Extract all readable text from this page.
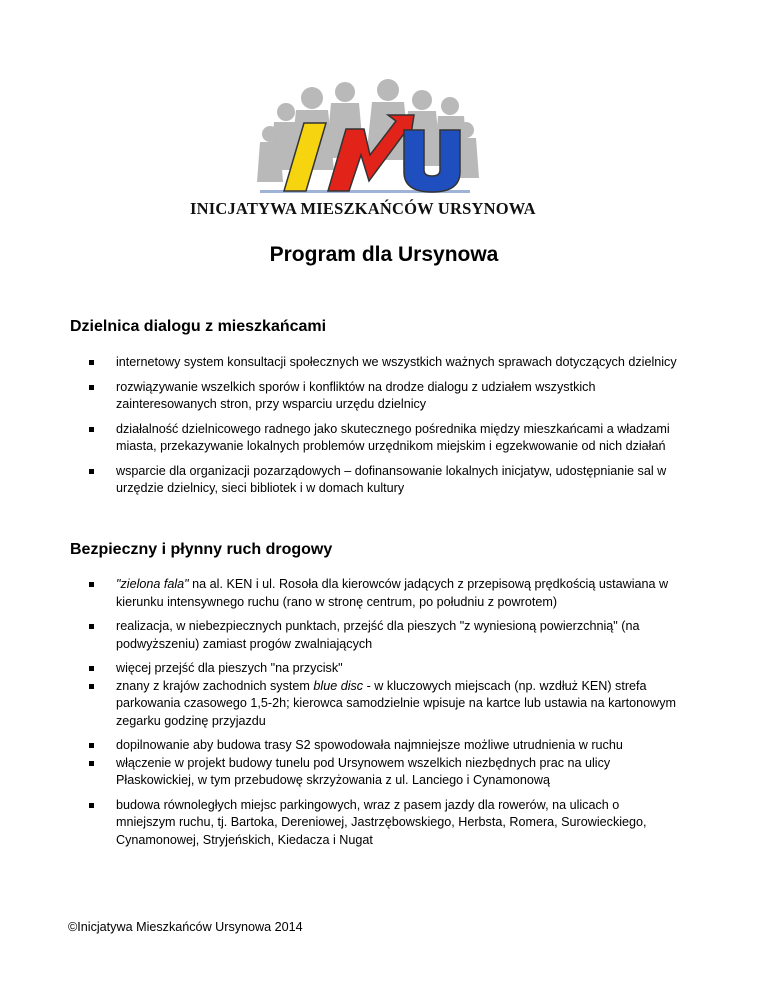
INICJATYWA MIESZKAŃCÓW URSYNOWA
Program dla Ursynowa
Dzielnica dialogu z mieszkańcami
internetowy system konsultacji społecznych we wszystkich ważnych sprawach dotyczących dzielnicy
rozwiązywanie wszelkich sporów i konfliktów na drodze dialogu z udziałem wszystkich zainteresowanych stron, przy wsparciu urzędu dzielnicy
działalność dzielnicowego radnego jako skutecznego pośrednika między mieszkańcami a władzami miasta, przekazywanie lokalnych problemów urzędnikom miejskim i egzekwowanie od nich działań
wsparcie dla organizacji pozarządowych – dofinansowanie lokalnych inicjatyw, udostępnianie sal w urzędzie dzielnicy, sieci bibliotek i w domach kultury
Bezpieczny i płynny ruch drogowy
"zielona fala" na al. KEN i ul. Rosoła dla kierowców jadących z przepisową prędkością ustawiana w kierunku intensywnego ruchu (rano w stronę centrum, po południu z powrotem)
realizacja, w niebezpiecznych punktach, przejść dla pieszych "z wyniesioną powierzchnią" (na podwyższeniu) zamiast progów zwalniających
więcej przejść dla pieszych "na przycisk"
znany z krajów zachodnich system blue disc - w kluczowych miejscach (np. wzdłuż KEN) strefa parkowania czasowego 1,5-2h; kierowca samodzielnie wpisuje na kartce lub ustawia na kartonowym zegarku godzinę przyjazdu
dopilnowanie aby budowa trasy S2 spowodowała najmniejsze możliwe utrudnienia w ruchu
włączenie w projekt budowy tunelu pod Ursynowem wszelkich niezbędnych prac na ulicy Płaskowickiej, w tym przebudowę skrzyżowania z ul. Lanciego i Cynamonową
budowa równoległych miejsc parkingowych, wraz z pasem jazdy dla rowerów, na ulicach o mniejszym ruchu, tj. Bartoka, Dereniowej, Jastrzębowskiego, Herbsta, Romera, Surowieckiego, Cynamonowej, Stryjeńskich, Kiedacza i Nugat
©Inicjatywa Mieszkańców Ursynowa 2014
